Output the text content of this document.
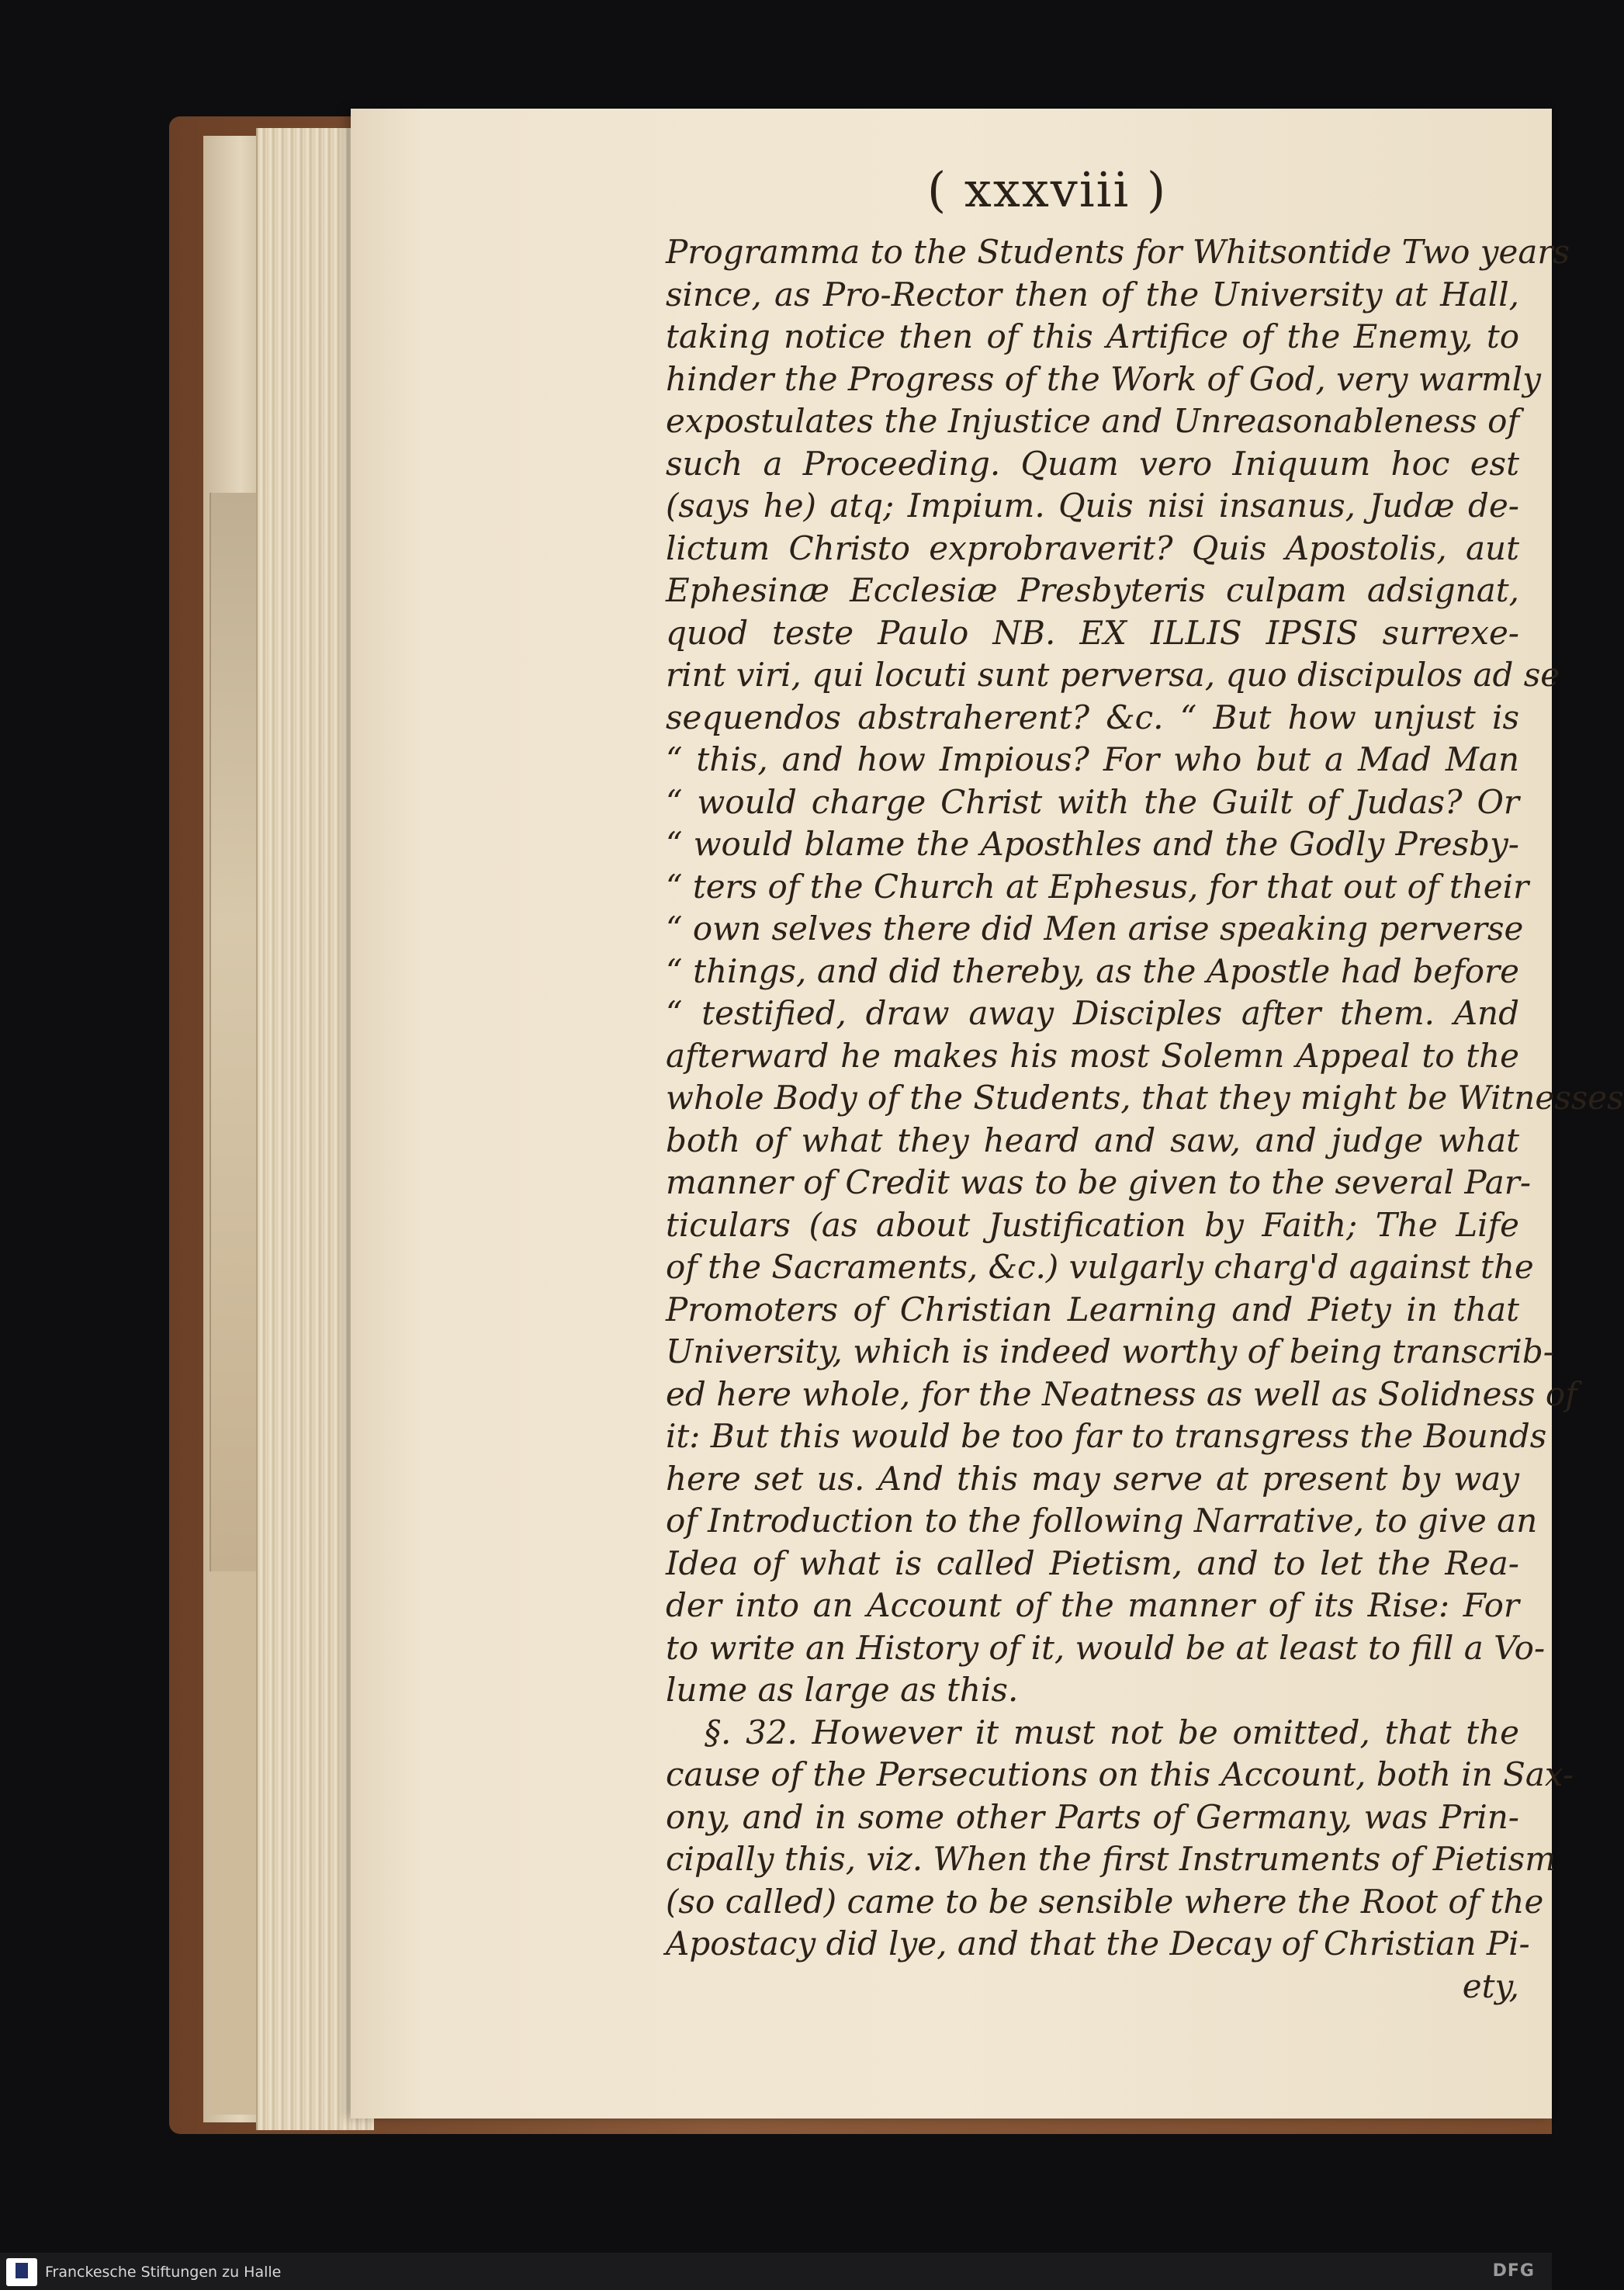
( xxxviii )
Programma to the Students for Whitsontide Two years
since, as Pro-Rector then of the University at Hall,
taking notice then of this Artifice of the Enemy, to
hinder the Progress of the Work of God, very warmly
expostulates the Injustice and Unreasonableness of
such a Proceeding. Quam vero Iniquum hoc est
(says he) atq; Impium. Quis nisi insanus, Judæ de-
lictum Christo exprobraverit? Quis Apostolis, aut
Ephesinæ Ecclesiæ Presbyteris culpam adsignat,
quod teste Paulo NB. EX ILLIS IPSIS surrexe-
rint viri, qui locuti sunt perversa, quo discipulos ad se
sequendos abstraherent? &c. “ But how unjust is
“ this, and how Impious? For who but a Mad Man
“ would charge Christ with the Guilt of Judas? Or
“ would blame the Aposthles and the Godly Presby-
“ ters of the Church at Ephesus, for that out of their
“ own selves there did Men arise speaking perverse
“ things, and did thereby, as the Apostle had before
“ testified, draw away Disciples after them. And
afterward he makes his most Solemn Appeal to the
whole Body of the Students, that they might be Witnesses
both of what they heard and saw, and judge what
manner of Credit was to be given to the several Par-
ticulars (as about Justification by Faith; The Life
of the Sacraments, &c.) vulgarly charg'd against the
Promoters of Christian Learning and Piety in that
University, which is indeed worthy of being transcrib-
ed here whole, for the Neatness as well as Solidness of
it: But this would be too far to transgress the Bounds
here set us. And this may serve at present by way
of Introduction to the following Narrative, to give an
Idea of what is called Pietism, and to let the Rea-
der into an Account of the manner of its Rise: For
to write an History of it, would be at least to fill a Vo-
lume as large as this.
§. 32. However it must not be omitted, that the
cause of the Persecutions on this Account, both in Sax-
ony, and in some other Parts of Germany, was Prin-
cipally this, viz. When the first Instruments of Pietism
(so called) came to be sensible where the Root of the
Apostacy did lye, and that the Decay of Christian Pi-
ety,
Franckesche Stiftungen zu Halle	DFG
